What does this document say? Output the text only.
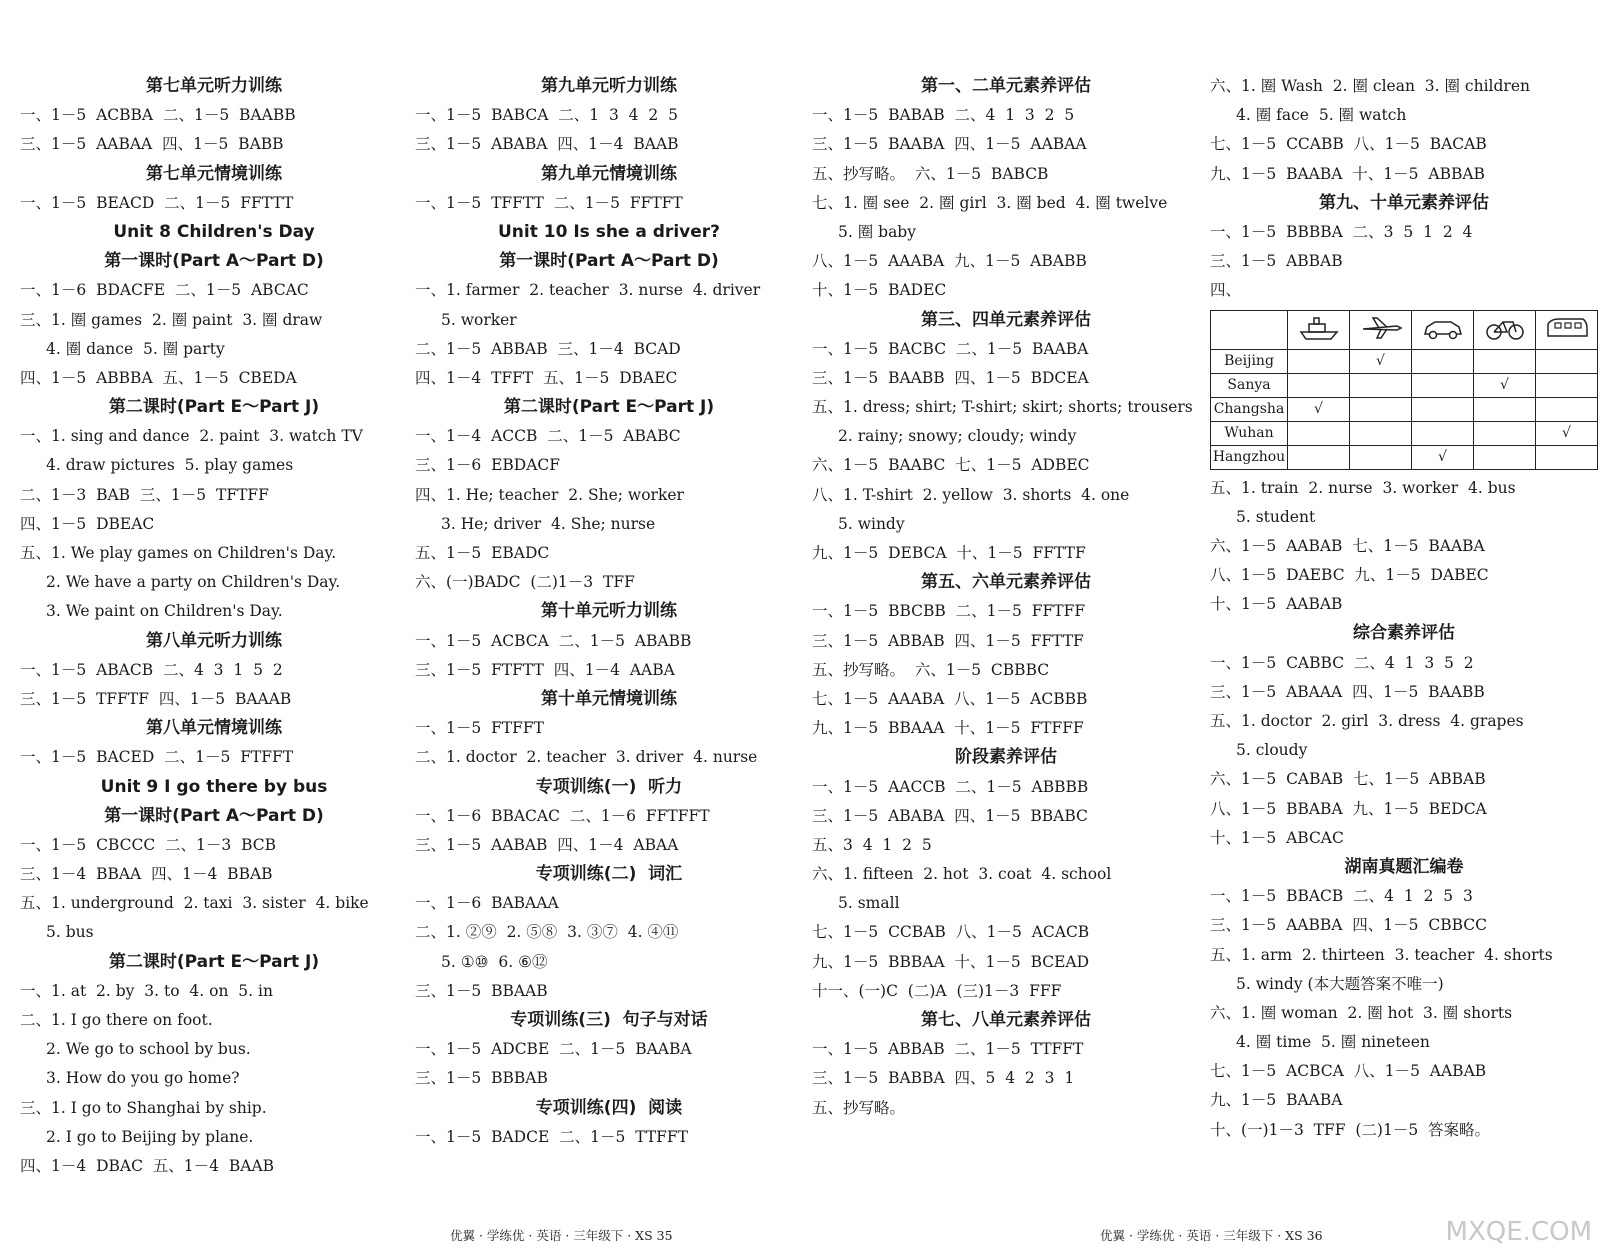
第七单元听力训练
一、1－5  ACBBA  二、1－5  BAABB
三、1－5  AABAA  四、1－5  BABB
第七单元情境训练
一、1－5  BEACD  二、1－5  FFTTT
Unit 8 Children's Day
第一课时(Part A～Part D)
一、1－6  BDACFE  二、1－5  ABCAC
三、1. 圈 games  2. 圈 paint  3. 圈 draw
4. 圈 dance  5. 圈 party
四、1－5  ABBBA  五、1－5  CBEDA
第二课时(Part E～Part J)
一、1. sing and dance  2. paint  3. watch TV
4. draw pictures  5. play games
二、1－3  BAB  三、1－5  TFTFF
四、1－5  DBEAC
五、1. We play games on Children's Day.
2. We have a party on Children's Day.
3. We paint on Children's Day.
第八单元听力训练
一、1－5  ABACB  二、4  3  1  5  2
三、1－5  TFFTF  四、1－5  BAAAB
第八单元情境训练
一、1－5  BACED  二、1－5  FTFFT
Unit 9 I go there by bus
第一课时(Part A～Part D)
一、1－5  CBCCC  二、1－3  BCB
三、1－4  BBAA  四、1－4  BBAB
五、1. underground  2. taxi  3. sister  4. bike
5. bus
第二课时(Part E～Part J)
一、1. at  2. by  3. to  4. on  5. in
二、1. I go there on foot.
2. We go to school by bus.
3. How do you go home?
三、1. I go to Shanghai by ship.
2. I go to Beijing by plane.
四、1－4  DBAC  五、1－4  BAAB
第九单元听力训练
一、1－5  BABCA  二、1  3  4  2  5
三、1－5  ABABA  四、1－4  BAAB
第九单元情境训练
一、1－5  TFFTT  二、1－5  FFTFT
Unit 10 Is she a driver?
第一课时(Part A～Part D)
一、1. farmer  2. teacher  3. nurse  4. driver
5. worker
二、1－5  ABBAB  三、1－4  BCAD
四、1－4  TFFT  五、1－5  DBAEC
第二课时(Part E～Part J)
一、1－4  ACCB  二、1－5  ABABC
三、1－6  EBDACF
四、1. He; teacher  2. She; worker
3. He; driver  4. She; nurse
五、1－5  EBADC
六、(一)BADC  (二)1－3  TFF
第十单元听力训练
一、1－5  ACBCA  二、1－5  ABABB
三、1－5  FTFTT  四、1－4  AABA
第十单元情境训练
一、1－5  FTFFT
二、1. doctor  2. teacher  3. driver  4. nurse
专项训练(一)  听力
一、1－6  BBACAC  二、1－6  FFTFFT
三、1－5  AABAB  四、1－4  ABAA
专项训练(二)  词汇
一、1－6  BABAAA
二、1. ②⑨  2. ⑤⑧  3. ③⑦  4. ④⑪
5. ①⑩  6. ⑥⑫
三、1－5  BBAAB
专项训练(三)  句子与对话
一、1－5  ADCBE  二、1－5  BAABA
三、1－5  BBBAB
专项训练(四)  阅读
一、1－5  BADCE  二、1－5  TTFFT
第一、二单元素养评估
一、1－5  BABAB  二、4  1  3  2  5
三、1－5  BAABA  四、1－5  AABAA
五、抄写略。  六、1－5  BABCB
七、1. 圈 see  2. 圈 girl  3. 圈 bed  4. 圈 twelve
5. 圈 baby
八、1－5  AAABA  九、1－5  ABABB
十、1－5  BADEC
第三、四单元素养评估
一、1－5  BACBC  二、1－5  BAABA
三、1－5  BAABB  四、1－5  BDCEA
五、1. dress; shirt; T-shirt; skirt; shorts; trousers
2. rainy; snowy; cloudy; windy
六、1－5  BAABC  七、1－5  ADBEC
八、1. T-shirt  2. yellow  3. shorts  4. one
5. windy
九、1－5  DEBCA  十、1－5  FFTTF
第五、六单元素养评估
一、1－5  BBCBB  二、1－5  FFTFF
三、1－5  ABBAB  四、1－5  FFTTF
五、抄写略。  六、1－5  CBBBC
七、1－5  AAABA  八、1－5  ACBBB
九、1－5  BBAAA  十、1－5  FTFFF
阶段素养评估
一、1－5  AACCB  二、1－5  ABBBB
三、1－5  ABABA  四、1－5  BBABC
五、3  4  1  2  5
六、1. fifteen  2. hot  3. coat  4. school
5. small
七、1－5  CCBAB  八、1－5  ACACB
九、1－5  BBBAA  十、1－5  BCEAD
十一、(一)C  (二)A  (三)1－3  FFF
第七、八单元素养评估
一、1－5  ABBAB  二、1－5  TTFFT
三、1－5  BABBA  四、5  4  2  3  1
五、抄写略。
六、1. 圈 Wash  2. 圈 clean  3. 圈 children
4. 圈 face  5. 圈 watch
七、1－5  CCABB  八、1－5  BACAB
九、1－5  BAABA  十、1－5  ABBAB
第九、十单元素养评估
一、1－5  BBBBA  二、3  5  1  2  4
三、1－5  ABBAB
四、

Beijing		√			
Sanya				√	
Changsha	√				
Wuhan					√
Hangzhou			√		
五、1. train  2. nurse  3. worker  4. bus
5. student
六、1－5  AABAB  七、1－5  BAABA
八、1－5  DAEBC  九、1－5  DABEC
十、1－5  AABAB
综合素养评估
一、1－5  CABBC  二、4  1  3  5  2
三、1－5  ABAAA  四、1－5  BAABB
五、1. doctor  2. girl  3. dress  4. grapes
5. cloudy
六、1－5  CABAB  七、1－5  ABBAB
八、1－5  BBABA  九、1－5  BEDCA
十、1－5  ABCAC
湖南真题汇编卷
一、1－5  BBACB  二、4  1  2  5  3
三、1－5  AABBA  四、1－5  CBBCC
五、1. arm  2. thirteen  3. teacher  4. shorts
5. windy (本大题答案不唯一)
六、1. 圈 woman  2. 圈 hot  3. 圈 shorts
4. 圈 time  5. 圈 nineteen
七、1－5  ACBCA  八、1－5  AABAB
九、1－5  BAABA
十、(一)1－3  TFF  (二)1－5  答案略。
优翼 · 学练优 · 英语 · 三年级下 · XS 35	优翼 · 学练优 · 英语 · 三年级下 · XS 36	MXQE.COM
